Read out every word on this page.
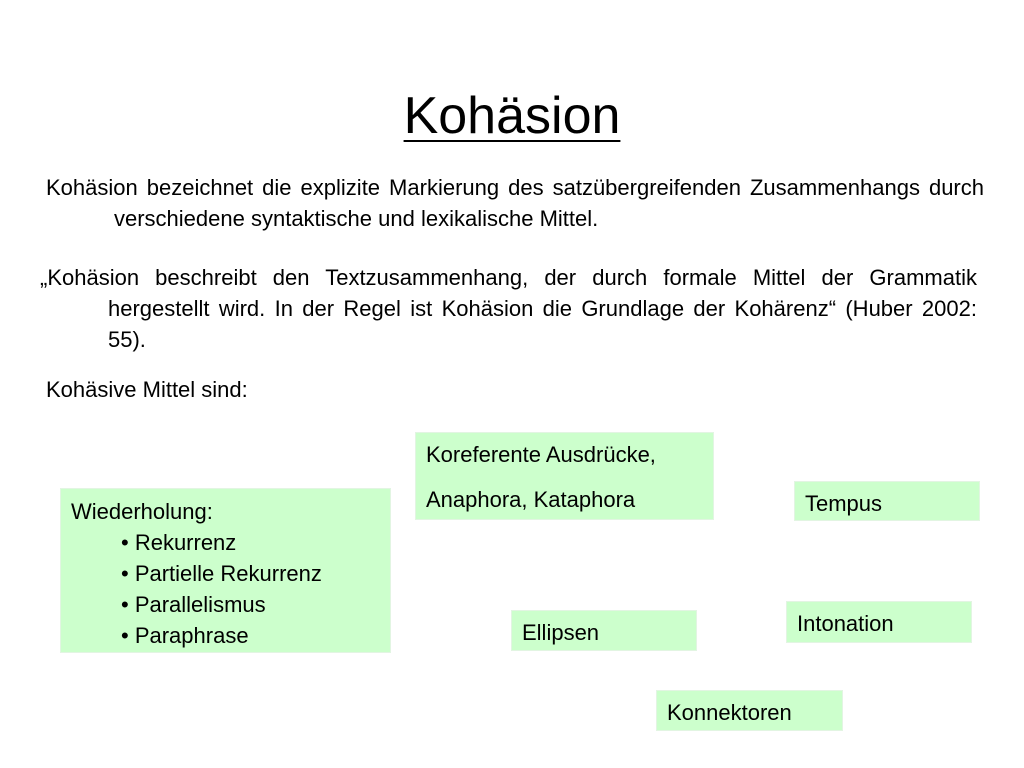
Kohäsion
Kohäsion bezeichnet die explizite Markierung des satzübergreifenden Zusammenhangs durch verschiedene syntaktische und lexikalische Mittel.
„Kohäsion beschreibt den Textzusammenhang, der durch formale Mittel der Grammatik hergestellt wird. In der Regel ist Kohäsion die Grundlage der Kohärenz“ (Huber 2002: 55).
Kohäsive Mittel sind:
Koreferente Ausdrücke,
Anaphora, Kataphora
Wiederholung:
• Rekurrenz
• Partielle Rekurrenz
• Parallelismus
• Paraphrase
Tempus
Ellipsen	Intonation
Konnektoren
